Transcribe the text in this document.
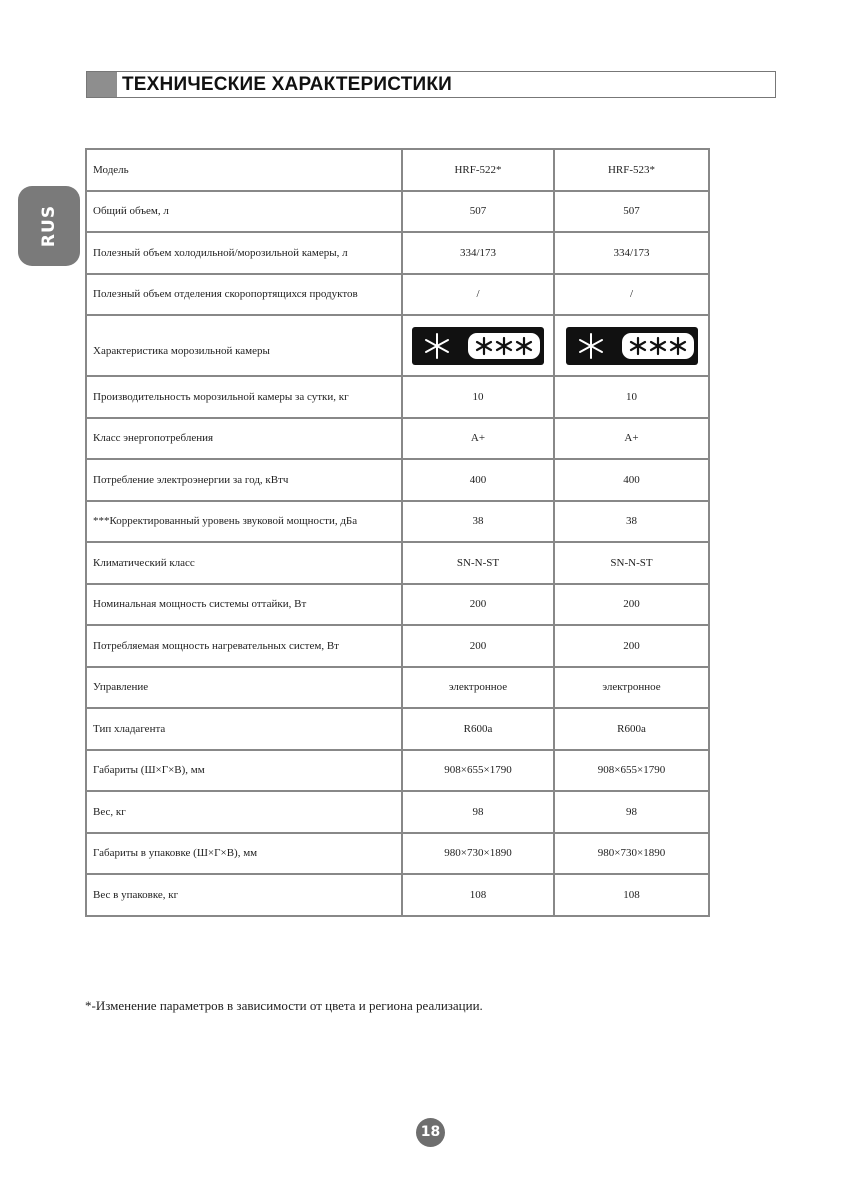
ТЕХНИЧЕСКИЕ ХАРАКТЕРИСТИКИ
RUS
Модель	HRF-522*	HRF-523*
Общий объем, л	507	507
Полезный объем холодильной/морозильной камеры, л	334/173	334/173
Полезный объем отделения скоропортящихся продуктов	/	/
Характеристика морозильной камеры	

Производительность морозильной камеры за сутки, кг	10	10
Класс энергопотребления	A+	A+
Потребление электроэнергии за год, кВтч	400	400
***Корректированный уровень звуковой мощности, дБа	38	38
Климатический класс	SN-N-ST	SN-N-ST
Номинальная мощность системы оттайки, Вт	200	200
Потребляемая мощность нагревательных систем, Вт	200	200
Управление	электронное	электронное
Тип хладагента	R600a	R600a
Габариты (Ш×Г×В), мм	908×655×1790	908×655×1790
Вес, кг	98	98
Габариты в упаковке (Ш×Г×В), мм	980×730×1890	980×730×1890
Вес в упаковке, кг	108	108
*-Изменение параметров в зависимости от цвета и региона реализации.
18
